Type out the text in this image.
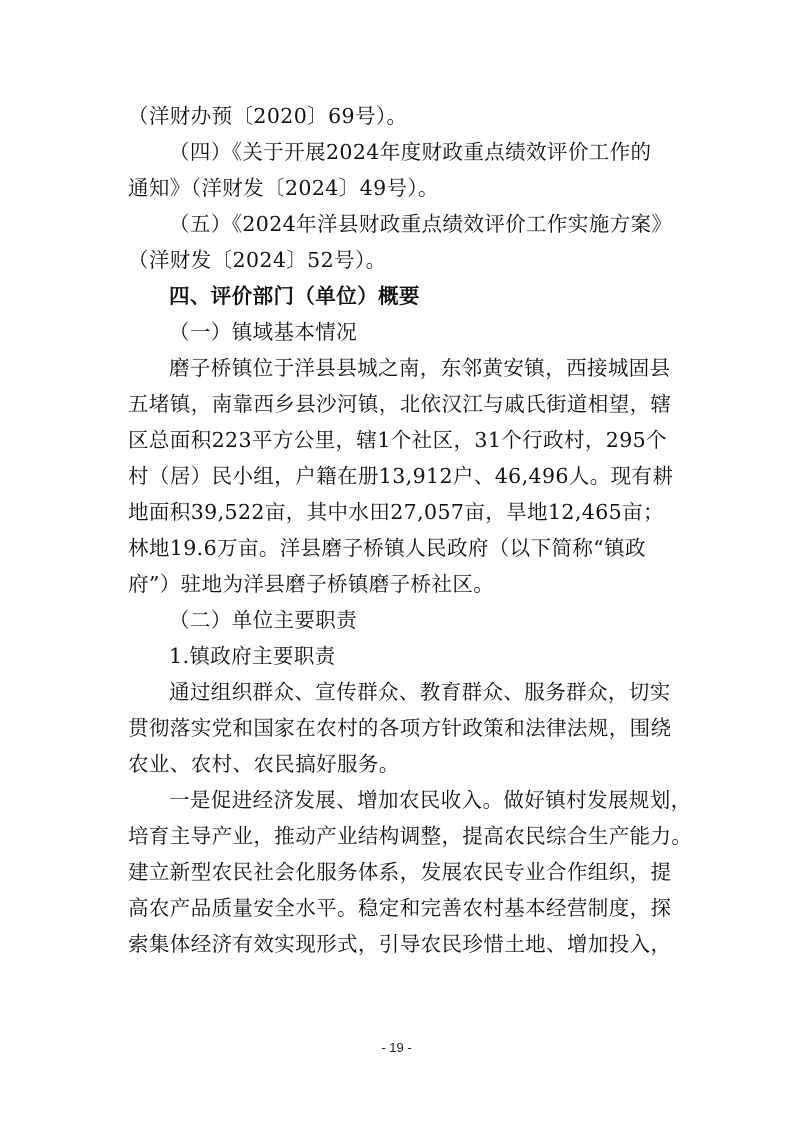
（洋财办预〔2020〕69号）。

（四）《关于开展2024年度财政重点绩效评价工作的
通知》（洋财发〔2024〕49号）。

（五）《2024年洋县财政重点绩效评价工作实施方案》
（洋财发〔2024〕52号）。

四、评价部门（单位）概要

（一）镇域基本情况

磨子桥镇位于洋县县城之南，东邻黄安镇，西接城固县
五堵镇，南靠西乡县沙河镇，北依汉江与戚氏街道相望，辖
区总面积223平方公里，辖1个社区，31个行政村，295个
村（居）民小组，户籍在册13,912户、46,496人。现有耕
地面积39,522亩，其中水田27,057亩，旱地12,465亩；
林地19.6万亩。洋县磨子桥镇人民政府（以下简称“镇政
府”）驻地为洋县磨子桥镇磨子桥社区。

（二）单位主要职责

1.镇政府主要职责

通过组织群众、宣传群众、教育群众、服务群众，切实
贯彻落实党和国家在农村的各项方针政策和法律法规，围绕
农业、农村、农民搞好服务。

一是促进经济发展、增加农民收入。做好镇村发展规划，
培育主导产业，推动产业结构调整，提高农民综合生产能力。
建立新型农民社会化服务体系，发展农民专业合作组织，提
高农产品质量安全水平。稳定和完善农村基本经营制度，探
索集体经济有效实现形式，引导农民珍惜土地、增加投入，

- 19 -
